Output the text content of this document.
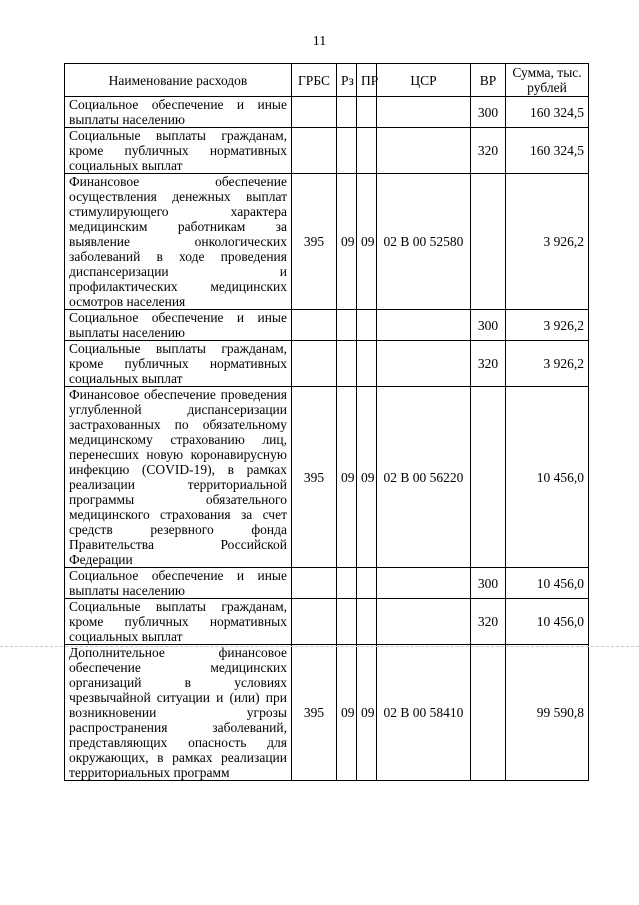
11
Наименование расходов	ГРБС	Рз	ПР	ЦСР	ВР	Сумма, тыс. рублей
Социальное обеспечение и иные выплаты населению					300	160 324,5
Социальные выплаты гражданам, кроме публичных нормативных социальных выплат					320	160 324,5
Финансовое обеспечение осуществления денежных выплат стимулирующего характера медицинским работникам за выявление онкологических заболеваний в ходе проведения диспансеризации и профилактических медицинских осмотров населения	395	09	09	02 В 00 52580		3 926,2
Социальное обеспечение и иные выплаты населению					300	3 926,2
Социальные выплаты гражданам, кроме публичных нормативных социальных выплат					320	3 926,2
Финансовое обеспечение проведения углубленной диспансеризации застрахованных по обязательному медицинскому страхованию лиц, перенесших новую коронавирусную инфекцию (COVID-19), в рамках реализации территориальной программы обязательного медицинского страхования за счет средств резервного фонда Правительства Российской Федерации	395	09	09	02 В 00 56220		10 456,0
Социальное обеспечение и иные выплаты населению					300	10 456,0
Социальные выплаты гражданам, кроме публичных нормативных социальных выплат					320	10 456,0
Дополнительное финансовое обеспечение медицинских организаций в условиях чрезвычайной ситуации и (или) при возникновении угрозы распространения заболеваний, представляющих опасность для окружающих, в рамках реализации территориальных программ	395	09	09	02 В 00 58410		99 590,8
